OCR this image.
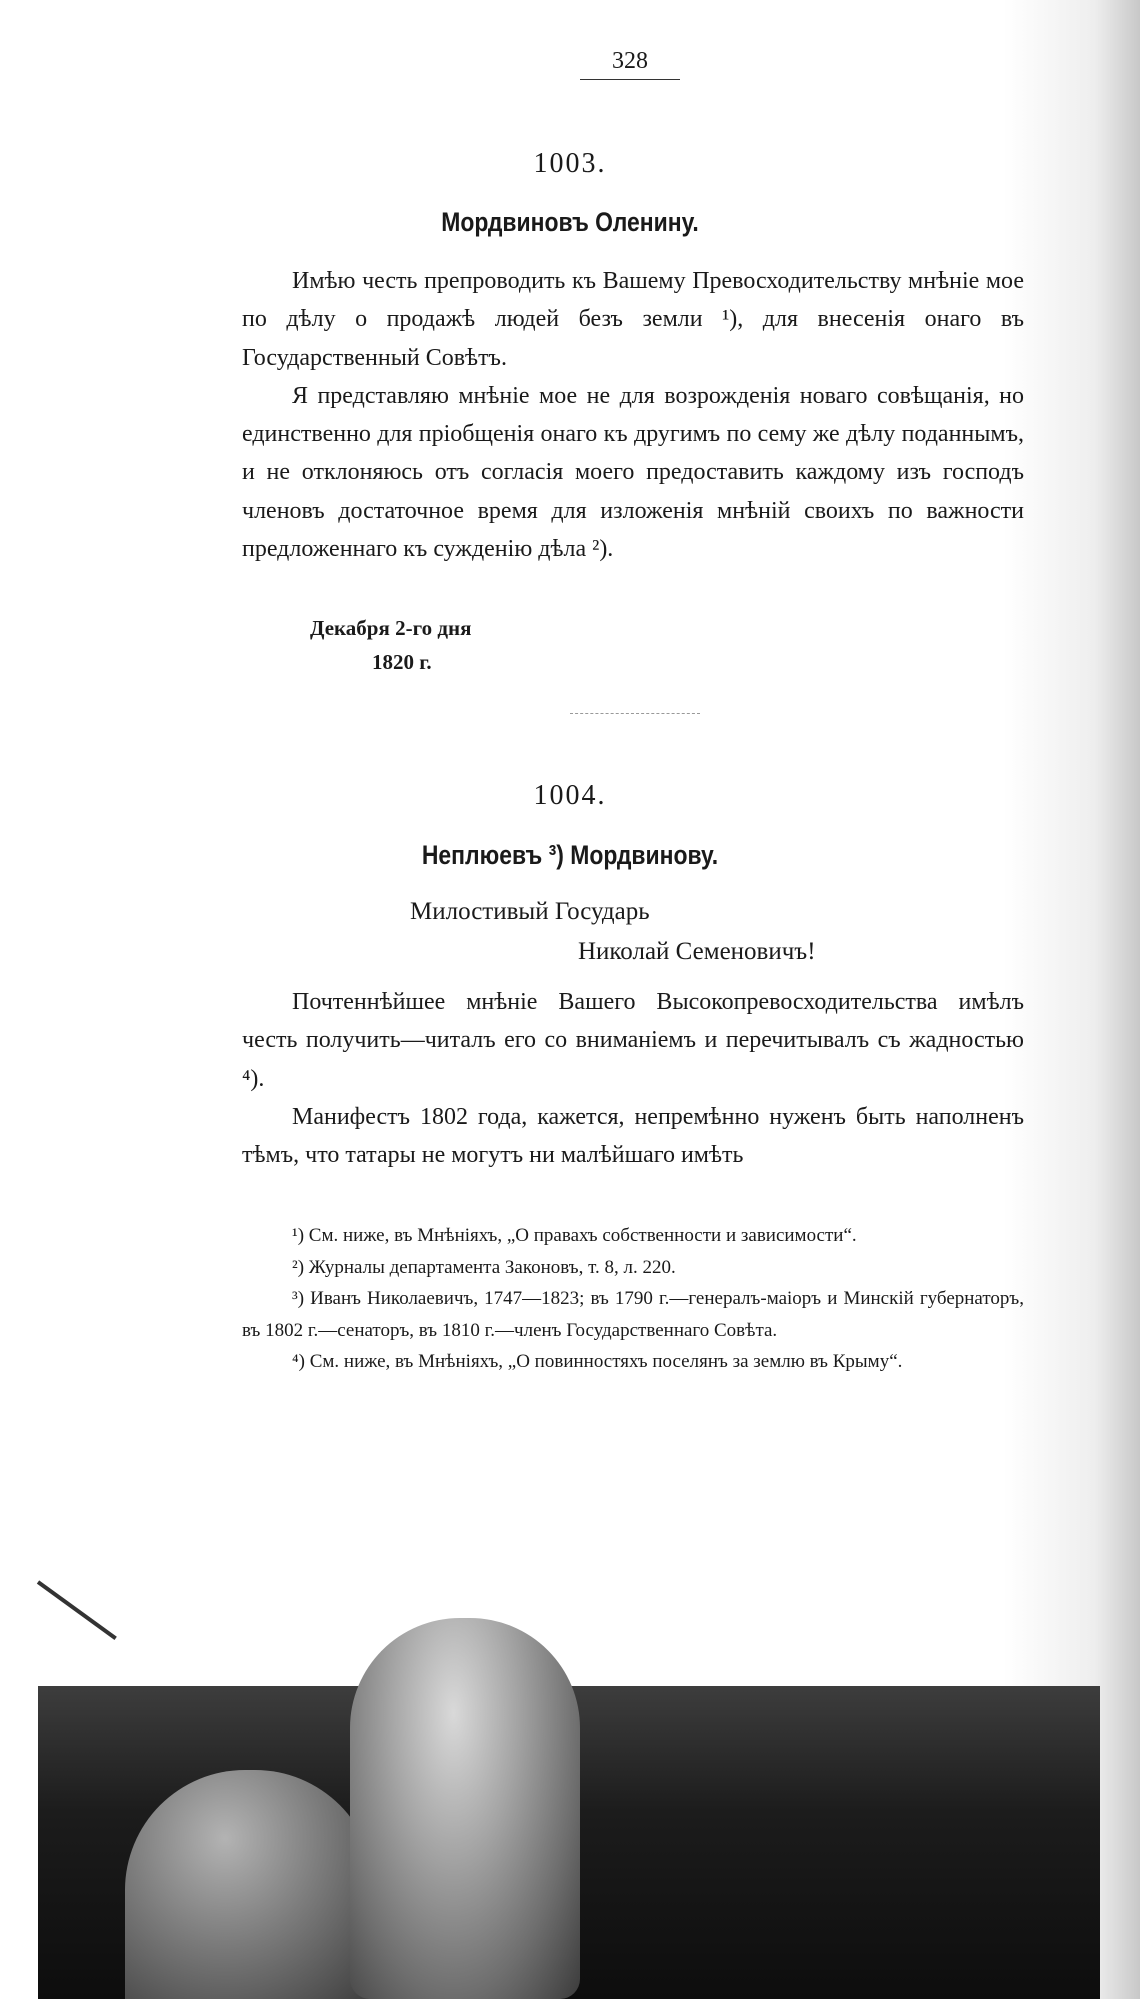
328
1003.
Мордвиновъ Оленину.

Имѣю честь препроводить къ Вашему Превосходительству мнѣніе мое по дѣлу о продажѣ людей безъ земли ¹), для внесенія онаго въ Государственный Совѣтъ.

Я представляю мнѣніе мое не для возрожденія новаго совѣщанія, но единственно для пріобщенія онаго къ другимъ по сему же дѣлу поданнымъ, и не отклоняюсь отъ согласія моего предоставить каждому изъ господъ членовъ достаточное время для изложенія мнѣній своихъ по важности предложеннаго къ сужденію дѣла ²).

Декабря 2-го дня
1820 г.
1004.
Неплюевъ ³) Мордвинову.
Милостивый Государь
Николай Семеновичъ!

Почтеннѣйшее мнѣніе Вашего Высокопревосходительства имѣлъ честь получить—читалъ его со вниманіемъ и перечитывалъ съ жадностью ⁴).

Манифестъ 1802 года, кажется, непремѣнно нуженъ быть наполненъ тѣмъ, что татары не могутъ ни малѣйшаго имѣть

¹) См. ниже, въ Мнѣніяхъ, „О правахъ собственности и зависимости“.

²) Журналы департамента Законовъ, т. 8, л. 220.

³) Иванъ Николаевичъ, 1747—1823; въ 1790 г.—генералъ-маіоръ и Минскій губернаторъ, въ 1802 г.—сенаторъ, въ 1810 г.—членъ Государственнаго Совѣта.

⁴) См. ниже, въ Мнѣніяхъ, „О повинностяхъ поселянъ за землю въ Крыму“.
